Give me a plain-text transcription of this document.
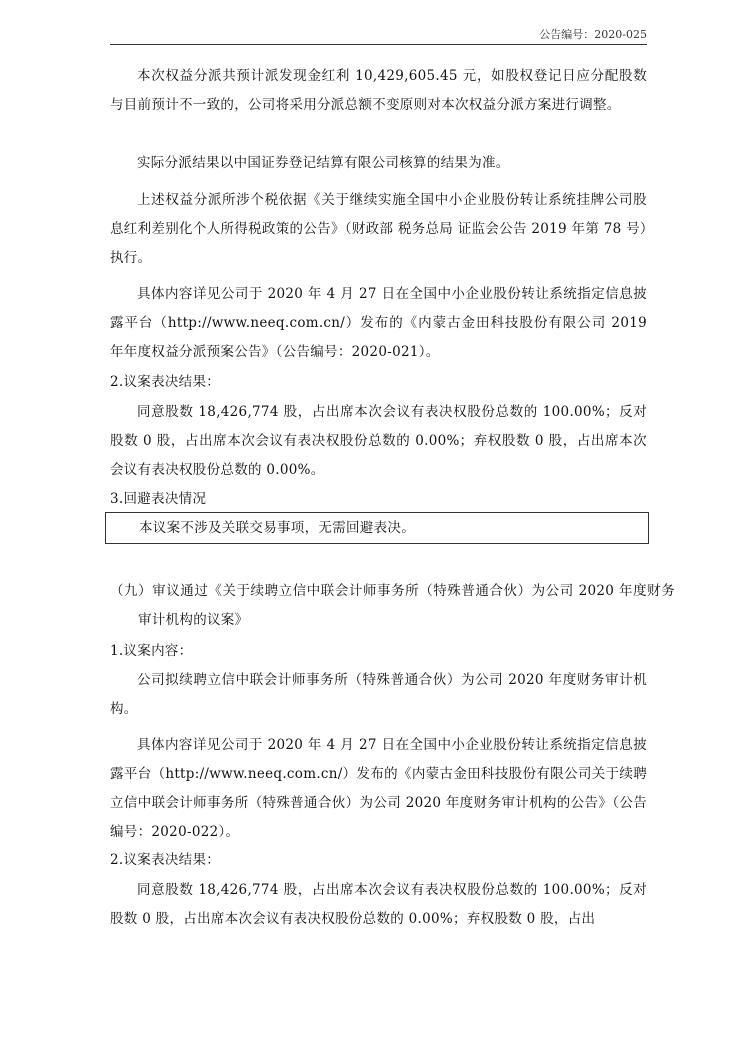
公告编号：2020-025

本次权益分派共预计派发现金红利 10,429,605.45 元，如股权登记日应分配股数与目前预计不一致的，公司将采用分派总额不变原则对本次权益分派方案进行调整。

实际分派结果以中国证券登记结算有限公司核算的结果为准。

上述权益分派所涉个税依据《关于继续实施全国中小企业股份转让系统挂牌公司股息红利差别化个人所得税政策的公告》（财政部 税务总局 证监会公告 2019 年第 78 号）执行。

具体内容详见公司于 2020 年 4 月 27 日在全国中小企业股份转让系统指定信息披露平台（http://www.neeq.com.cn/）发布的《内蒙古金田科技股份有限公司 2019 年年度权益分派预案公告》（公告编号：2020-021）。

2.议案表决结果：

同意股数 18,426,774 股，占出席本次会议有表决权股份总数的 100.00%；反对股数 0 股，占出席本次会议有表决权股份总数的 0.00%；弃权股数 0 股，占出席本次会议有表决权股份总数的 0.00%。

3.回避表决情况

本议案不涉及关联交易事项，无需回避表决。

（九）审议通过《关于续聘立信中联会计师事务所（特殊普通合伙）为公司 2020 年度财务审计机构的议案》

1.议案内容：

公司拟续聘立信中联会计师事务所（特殊普通合伙）为公司 2020 年度财务审计机构。

具体内容详见公司于 2020 年 4 月 27 日在全国中小企业股份转让系统指定信息披露平台（http://www.neeq.com.cn/）发布的《内蒙古金田科技股份有限公司关于续聘立信中联会计师事务所（特殊普通合伙）为公司 2020 年度财务审计机构的公告》（公告编号：2020-022）。

2.议案表决结果：

同意股数 18,426,774 股，占出席本次会议有表决权股份总数的 100.00%；反对股数 0 股，占出席本次会议有表决权股份总数的 0.00%；弃权股数 0 股，占出
